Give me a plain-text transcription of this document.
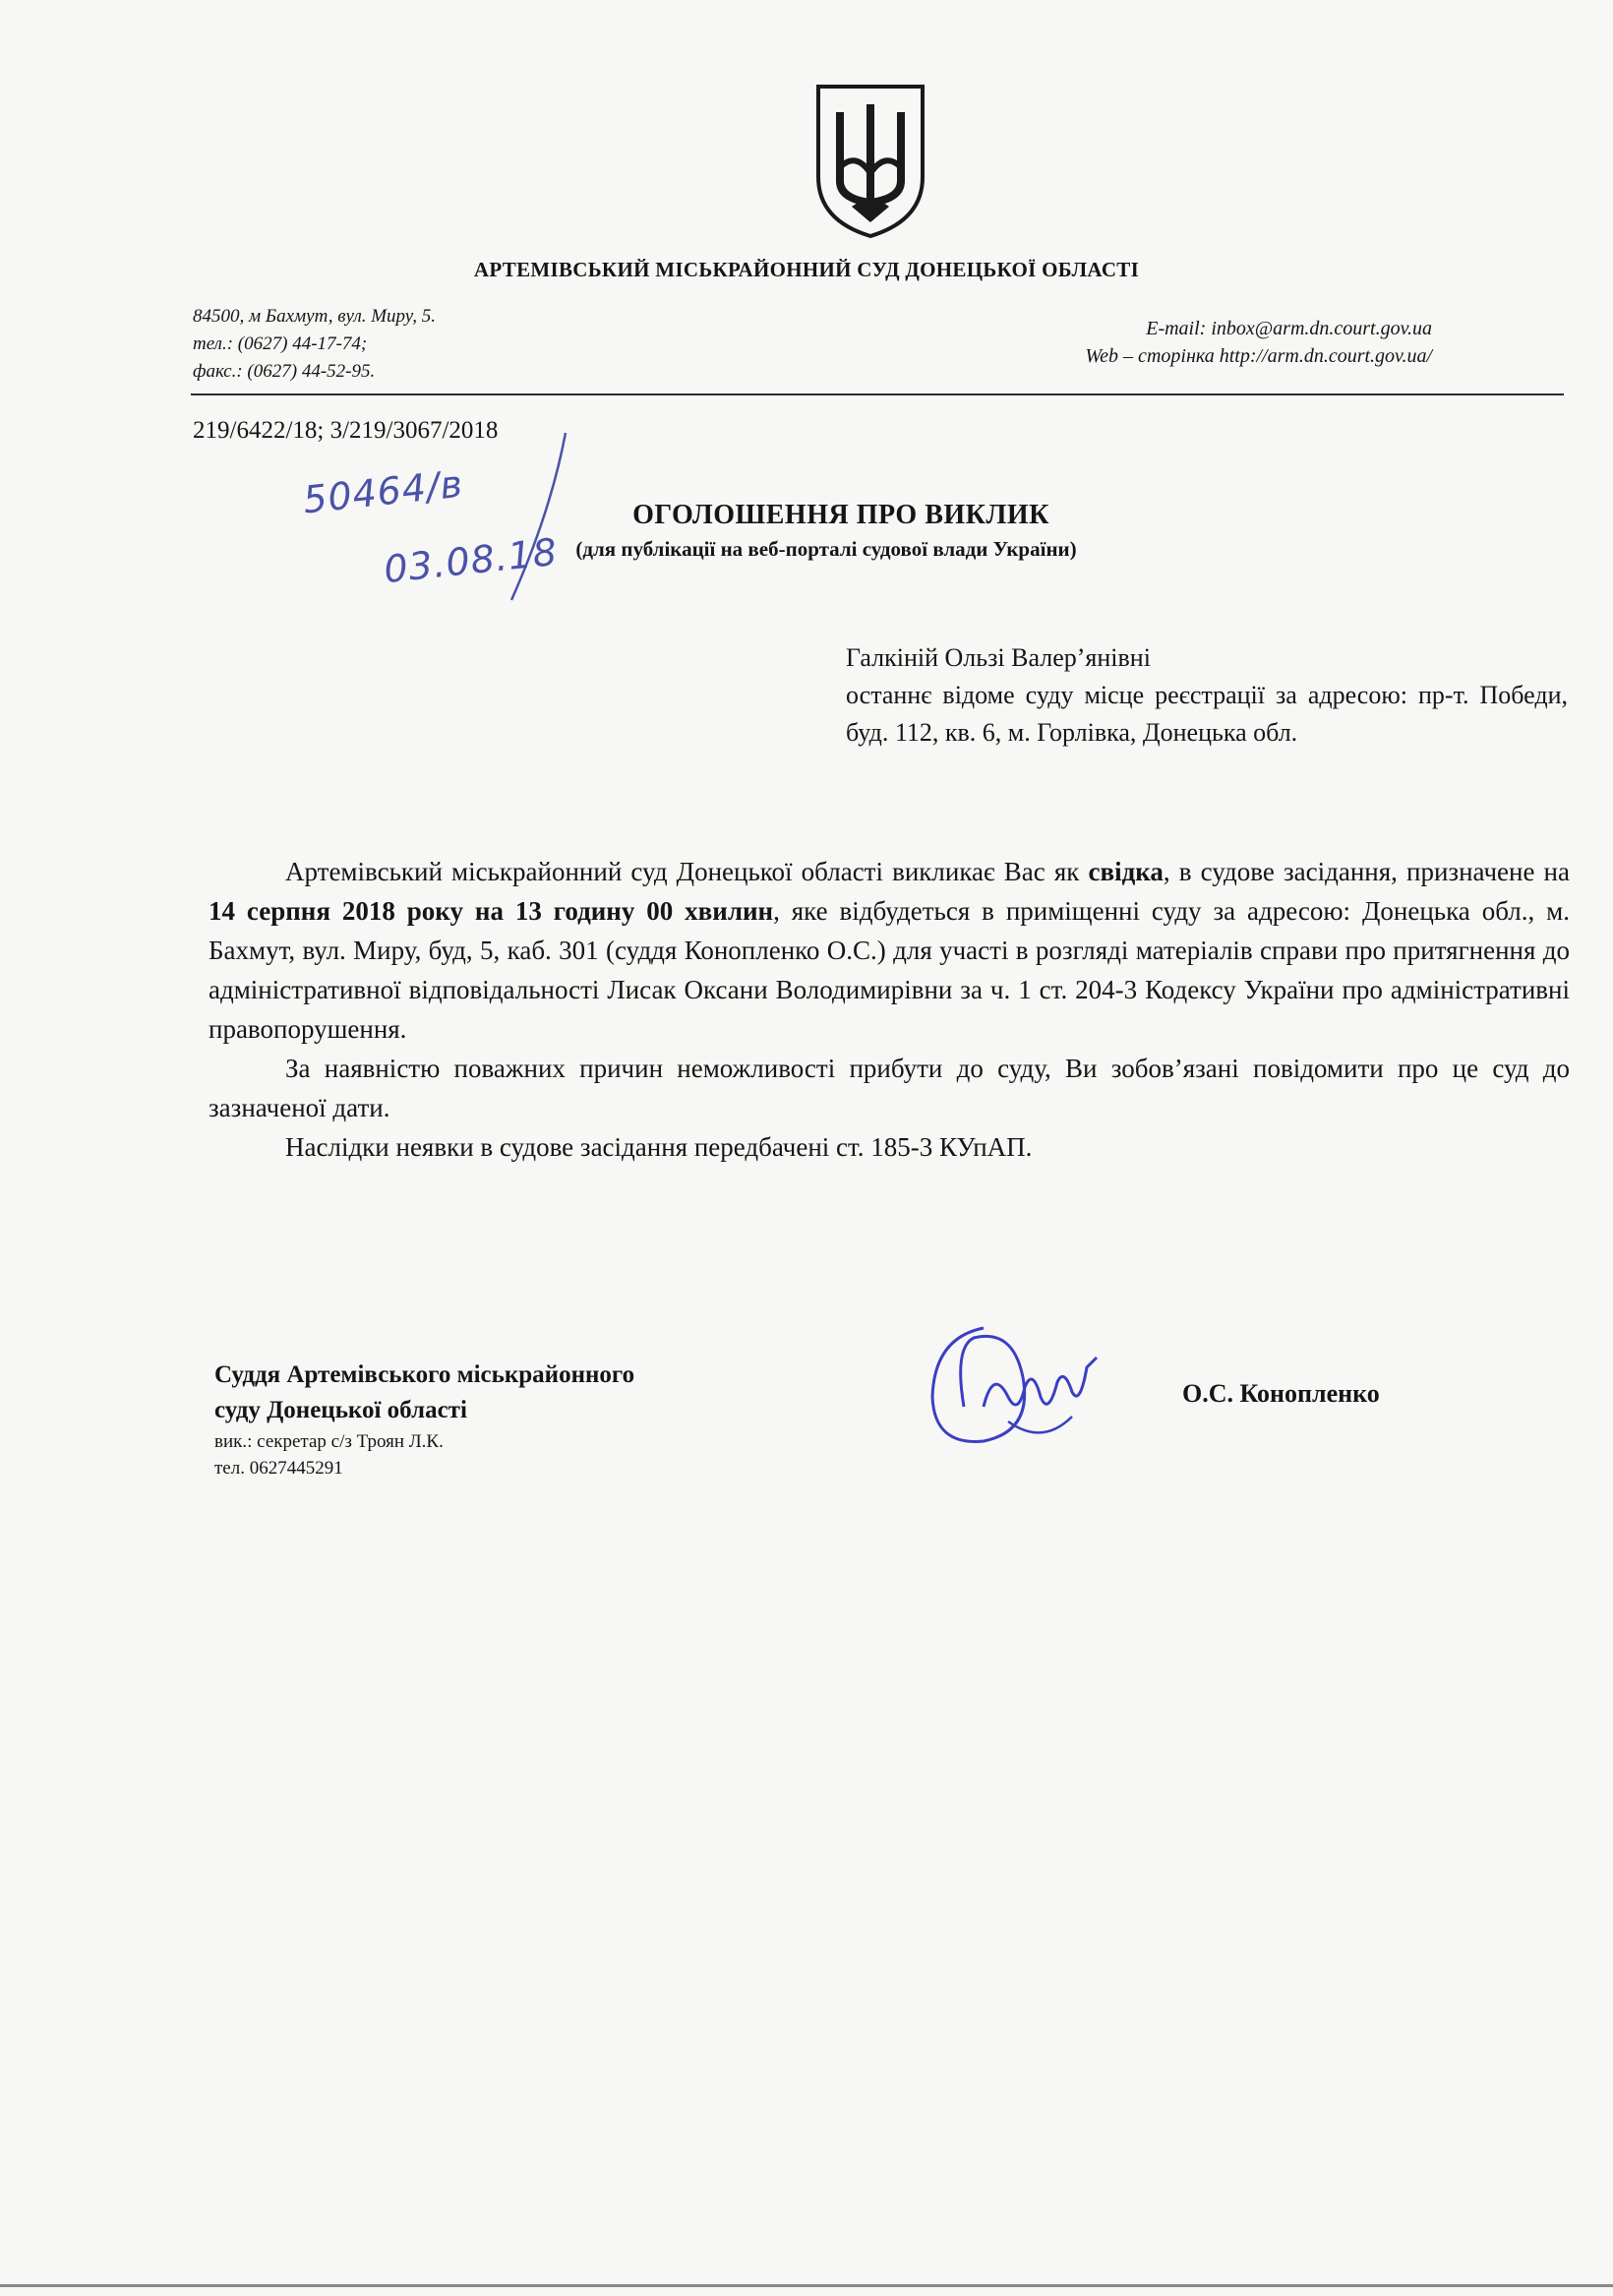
АРТЕМІВСЬКИЙ МІСЬКРАЙОННИЙ СУД ДОНЕЦЬКОЇ ОБЛАСТІ
84500, м Бахмут, вул. Миру, 5.
тел.: (0627) 44-17-74;
факс.: (0627) 44-52-95.
E-mail: inbox@arm.dn.court.gov.ua
Web – сторінка http://arm.dn.court.gov.ua/
219/6422/18; 3/219/3067/2018
50464/в
03.08.18
ОГОЛОШЕННЯ ПРО ВИКЛИК
(для публікації на веб-порталі судової влади України)

Галкіній Ользі Валер’янівні

останнє відоме суду місце реєстрації за адресою: пр-т. Победи, буд. 112, кв. 6, м. Горлівка, Донецька обл.

Артемівський міськрайонний суд Донецької області викликає Вас як свідка, в судове засідання, призначене на 14 серпня 2018 року на 13 годину 00 хвилин, яке відбудеться в приміщенні суду за адресою: Донецька обл., м. Бахмут, вул. Миру, буд, 5, каб. 301 (суддя Конопленко О.С.) для участі в розгляді матеріалів справи про притягнення до адміністративної відповідальності Лисак Оксани Володимирівни за ч. 1 ст. 204-3 Кодексу України про адміністративні правопорушення.

За наявністю поважних причин неможливості прибути до суду, Ви зобов’язані повідомити про це суд до зазначеної дати.

Наслідки неявки в судове засідання передбачені ст. 185-3 КУпАП.

Суддя Артемівського міськрайонного
суду Донецької області
вик.: секретар с/з Троян Л.К.
тел. 0627445291
О.С. Конопленко
